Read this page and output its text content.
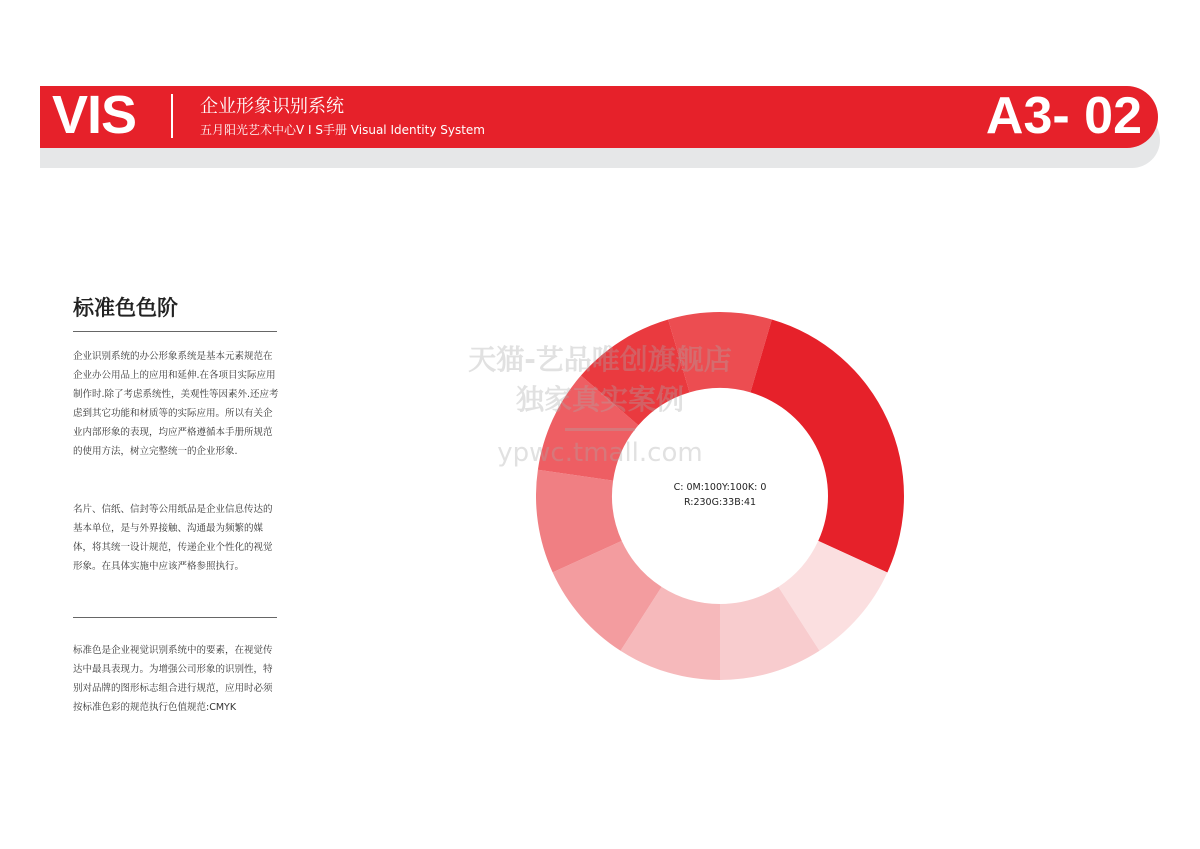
VIS	企业形象识别系统
五月阳光艺术中心V I S手册 Visual Identity System	A3- 02
标准色色阶

企业识别系统的办公形象系统是基本元素规范在企业办公用品上的应用和延伸.在各项目实际应用制作时.除了考虑系统性，美观性等因素外.还应考虑到其它功能和材质等的实际应用。所以有关企业内部形象的表现，均应严格遵循本手册所规范的使用方法，树立完整统一的企业形象.

名片、信纸、信封等公用纸品是企业信息传达的基本单位，是与外界接触、沟通最为频繁的媒体，将其统一设计规范，传递企业个性化的视觉形象。在具体实施中应该严格参照执行。

标准色是企业视觉识别系统中的要素，在视觉传达中最具表现力。为增强公司形象的识别性，特别对品牌的图形标志组合进行规范，应用时必须按标准色彩的规范执行色值规范:CMYK

C: 0M:100Y:100K: 0
R:230G:33B:41
天猫-艺品唯创旗舰店
独家真实案例
ypwc.tmall.com
